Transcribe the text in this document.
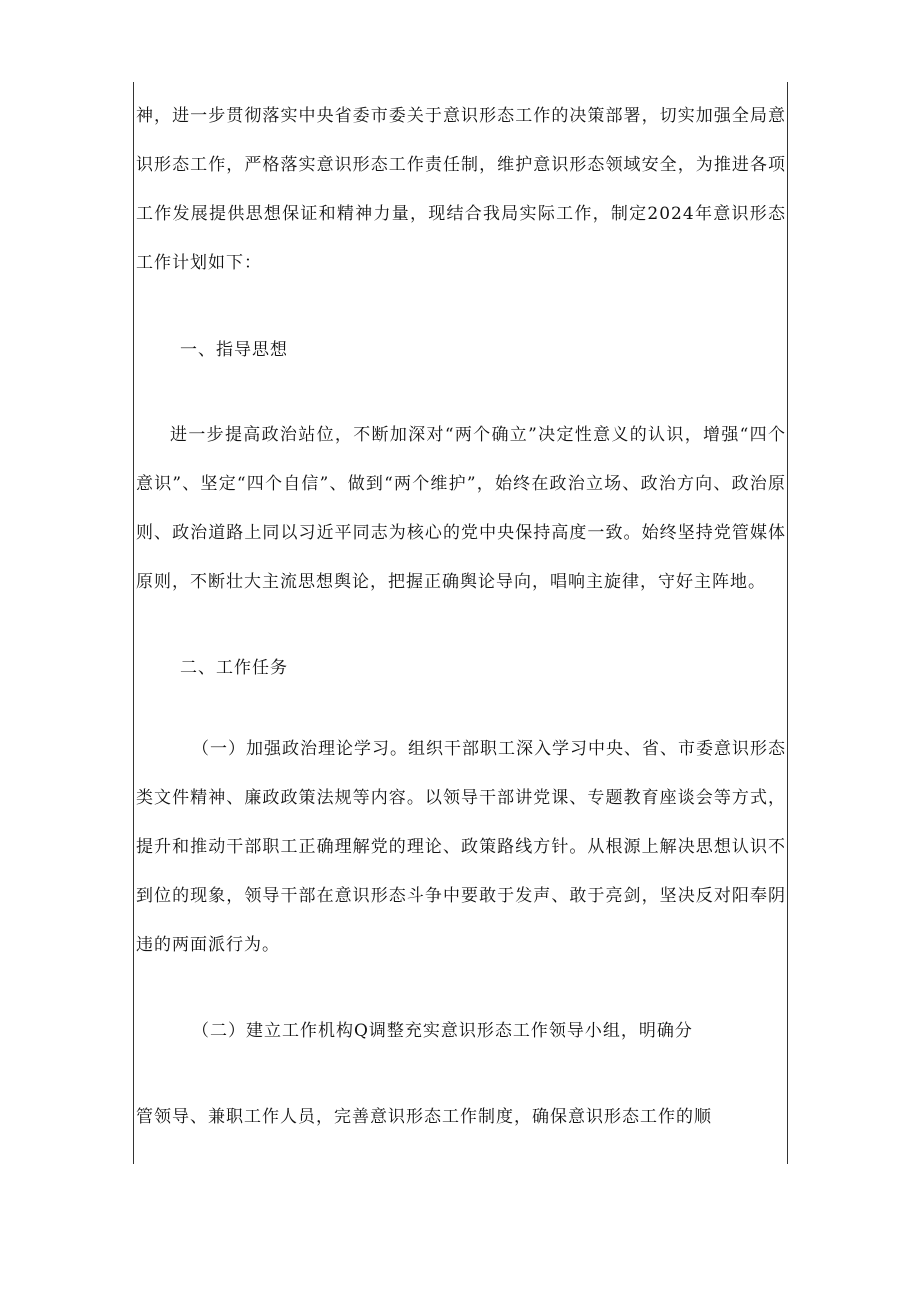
神，进一步贯彻落实中央省委市委关于意识形态工作的决策部署，切实加强全局意识形态工作，严格落实意识形态工作责任制，维护意识形态领域安全，为推进各项工作发展提供思想保证和精神力量，现结合我局实际工作，制定2024年意识形态工作计划如下：

一、指导思想

进一步提高政治站位，不断加深对“两个确立”决定性意义的认识，增强“四个意识”、坚定“四个自信”、做到“两个维护”，始终在政治立场、政治方向、政治原则、政治道路上同以习近平同志为核心的党中央保持高度一致。始终坚持党管媒体原则，不断壮大主流思想舆论，把握正确舆论导向，唱响主旋律，守好主阵地。

二、工作任务

（一）加强政治理论学习。组织干部职工深入学习中央、省、市委意识形态类文件精神、廉政政策法规等内容。以领导干部讲党课、专题教育座谈会等方式，提升和推动干部职工正确理解党的理论、政策路线方针。从根源上解决思想认识不到位的现象，领导干部在意识形态斗争中要敢于发声、敢于亮剑，坚决反对阳奉阴违的两面派行为。

（二）建立工作机构Q调整充实意识形态工作领导小组，明确分

管领导、兼职工作人员，完善意识形态工作制度，确保意识形态工作的顺
